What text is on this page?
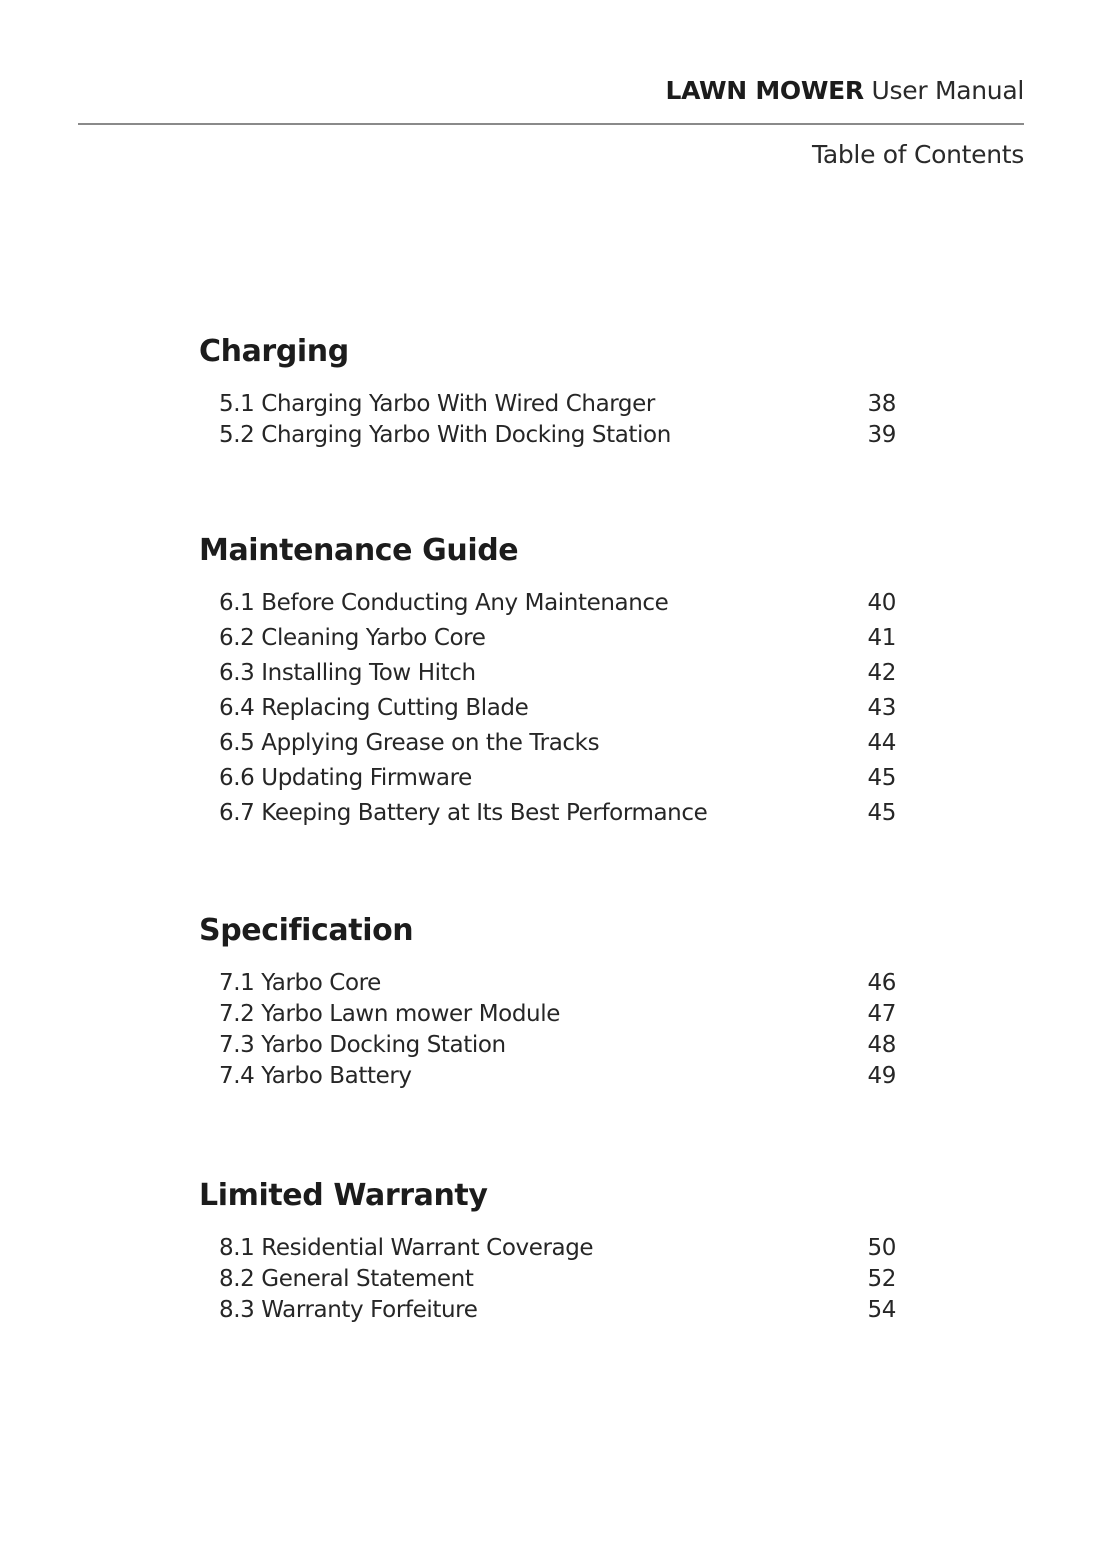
LAWN MOWER User Manual
Table of Contents
Charging
5.1 Charging Yarbo With Wired Charger	38
5.2 Charging Yarbo With Docking Station	39
Maintenance Guide
6.1 Before Conducting Any Maintenance	40
6.2 Cleaning Yarbo Core	41
6.3 Installing Tow Hitch	42
6.4 Replacing Cutting Blade	43
6.5 Applying Grease on the Tracks	44
6.6 Updating Firmware	45
6.7 Keeping Battery at Its Best Performance	45
Specification
7.1 Yarbo Core	46
7.2 Yarbo Lawn mower Module	47
7.3 Yarbo Docking Station	48
7.4 Yarbo Battery	49
Limited Warranty
8.1 Residential Warrant Coverage	50
8.2 General Statement	52
8.3 Warranty Forfeiture	54
